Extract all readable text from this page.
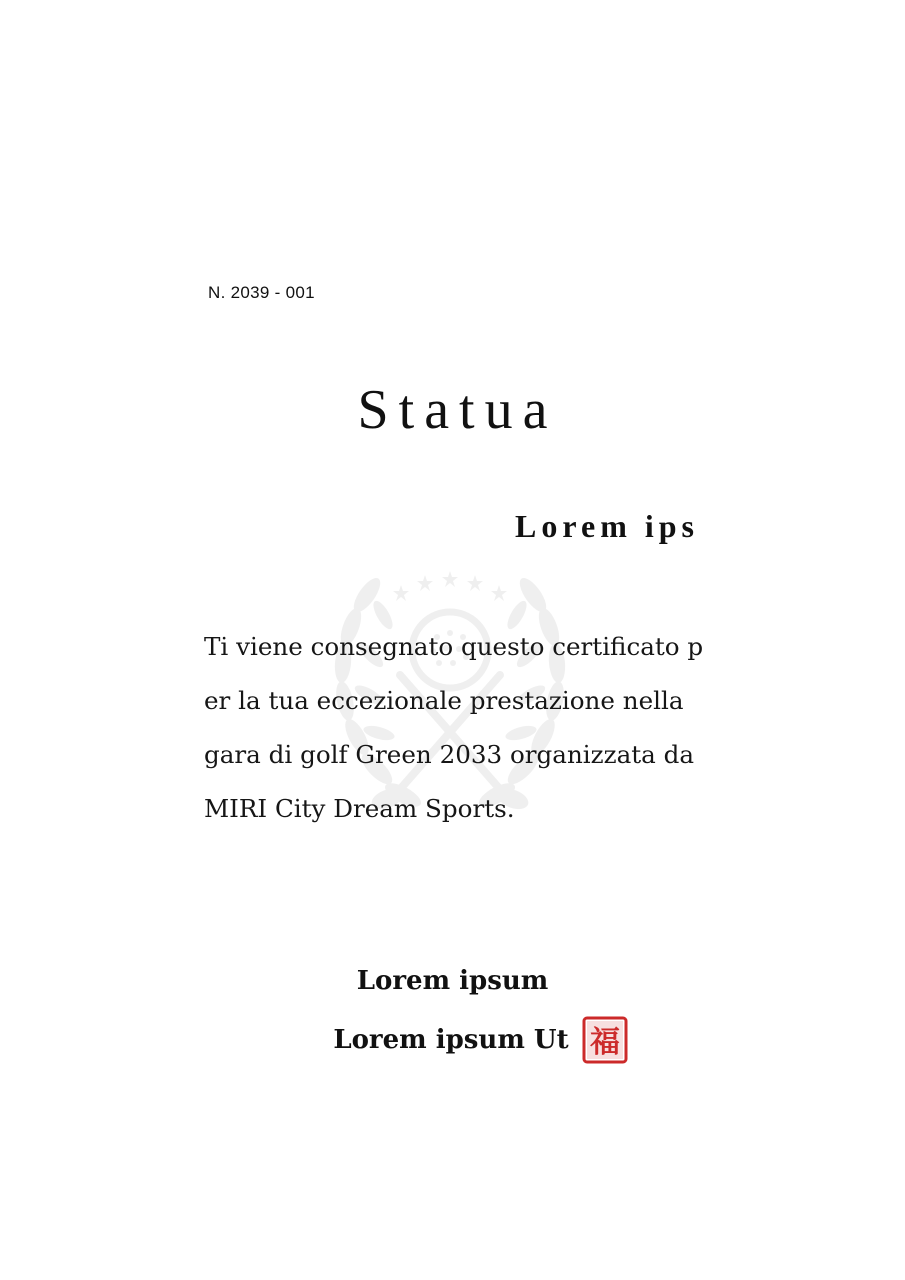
N. 2039 - 001
Statua
Lorem ips
Ti viene consegnato questo certificato per la tua eccezionale prestazione nella gara di golf Green 2033 organizzata da MIRI City Dream Sports.
Lorem ipsum
Lorem ipsum Ut 福
